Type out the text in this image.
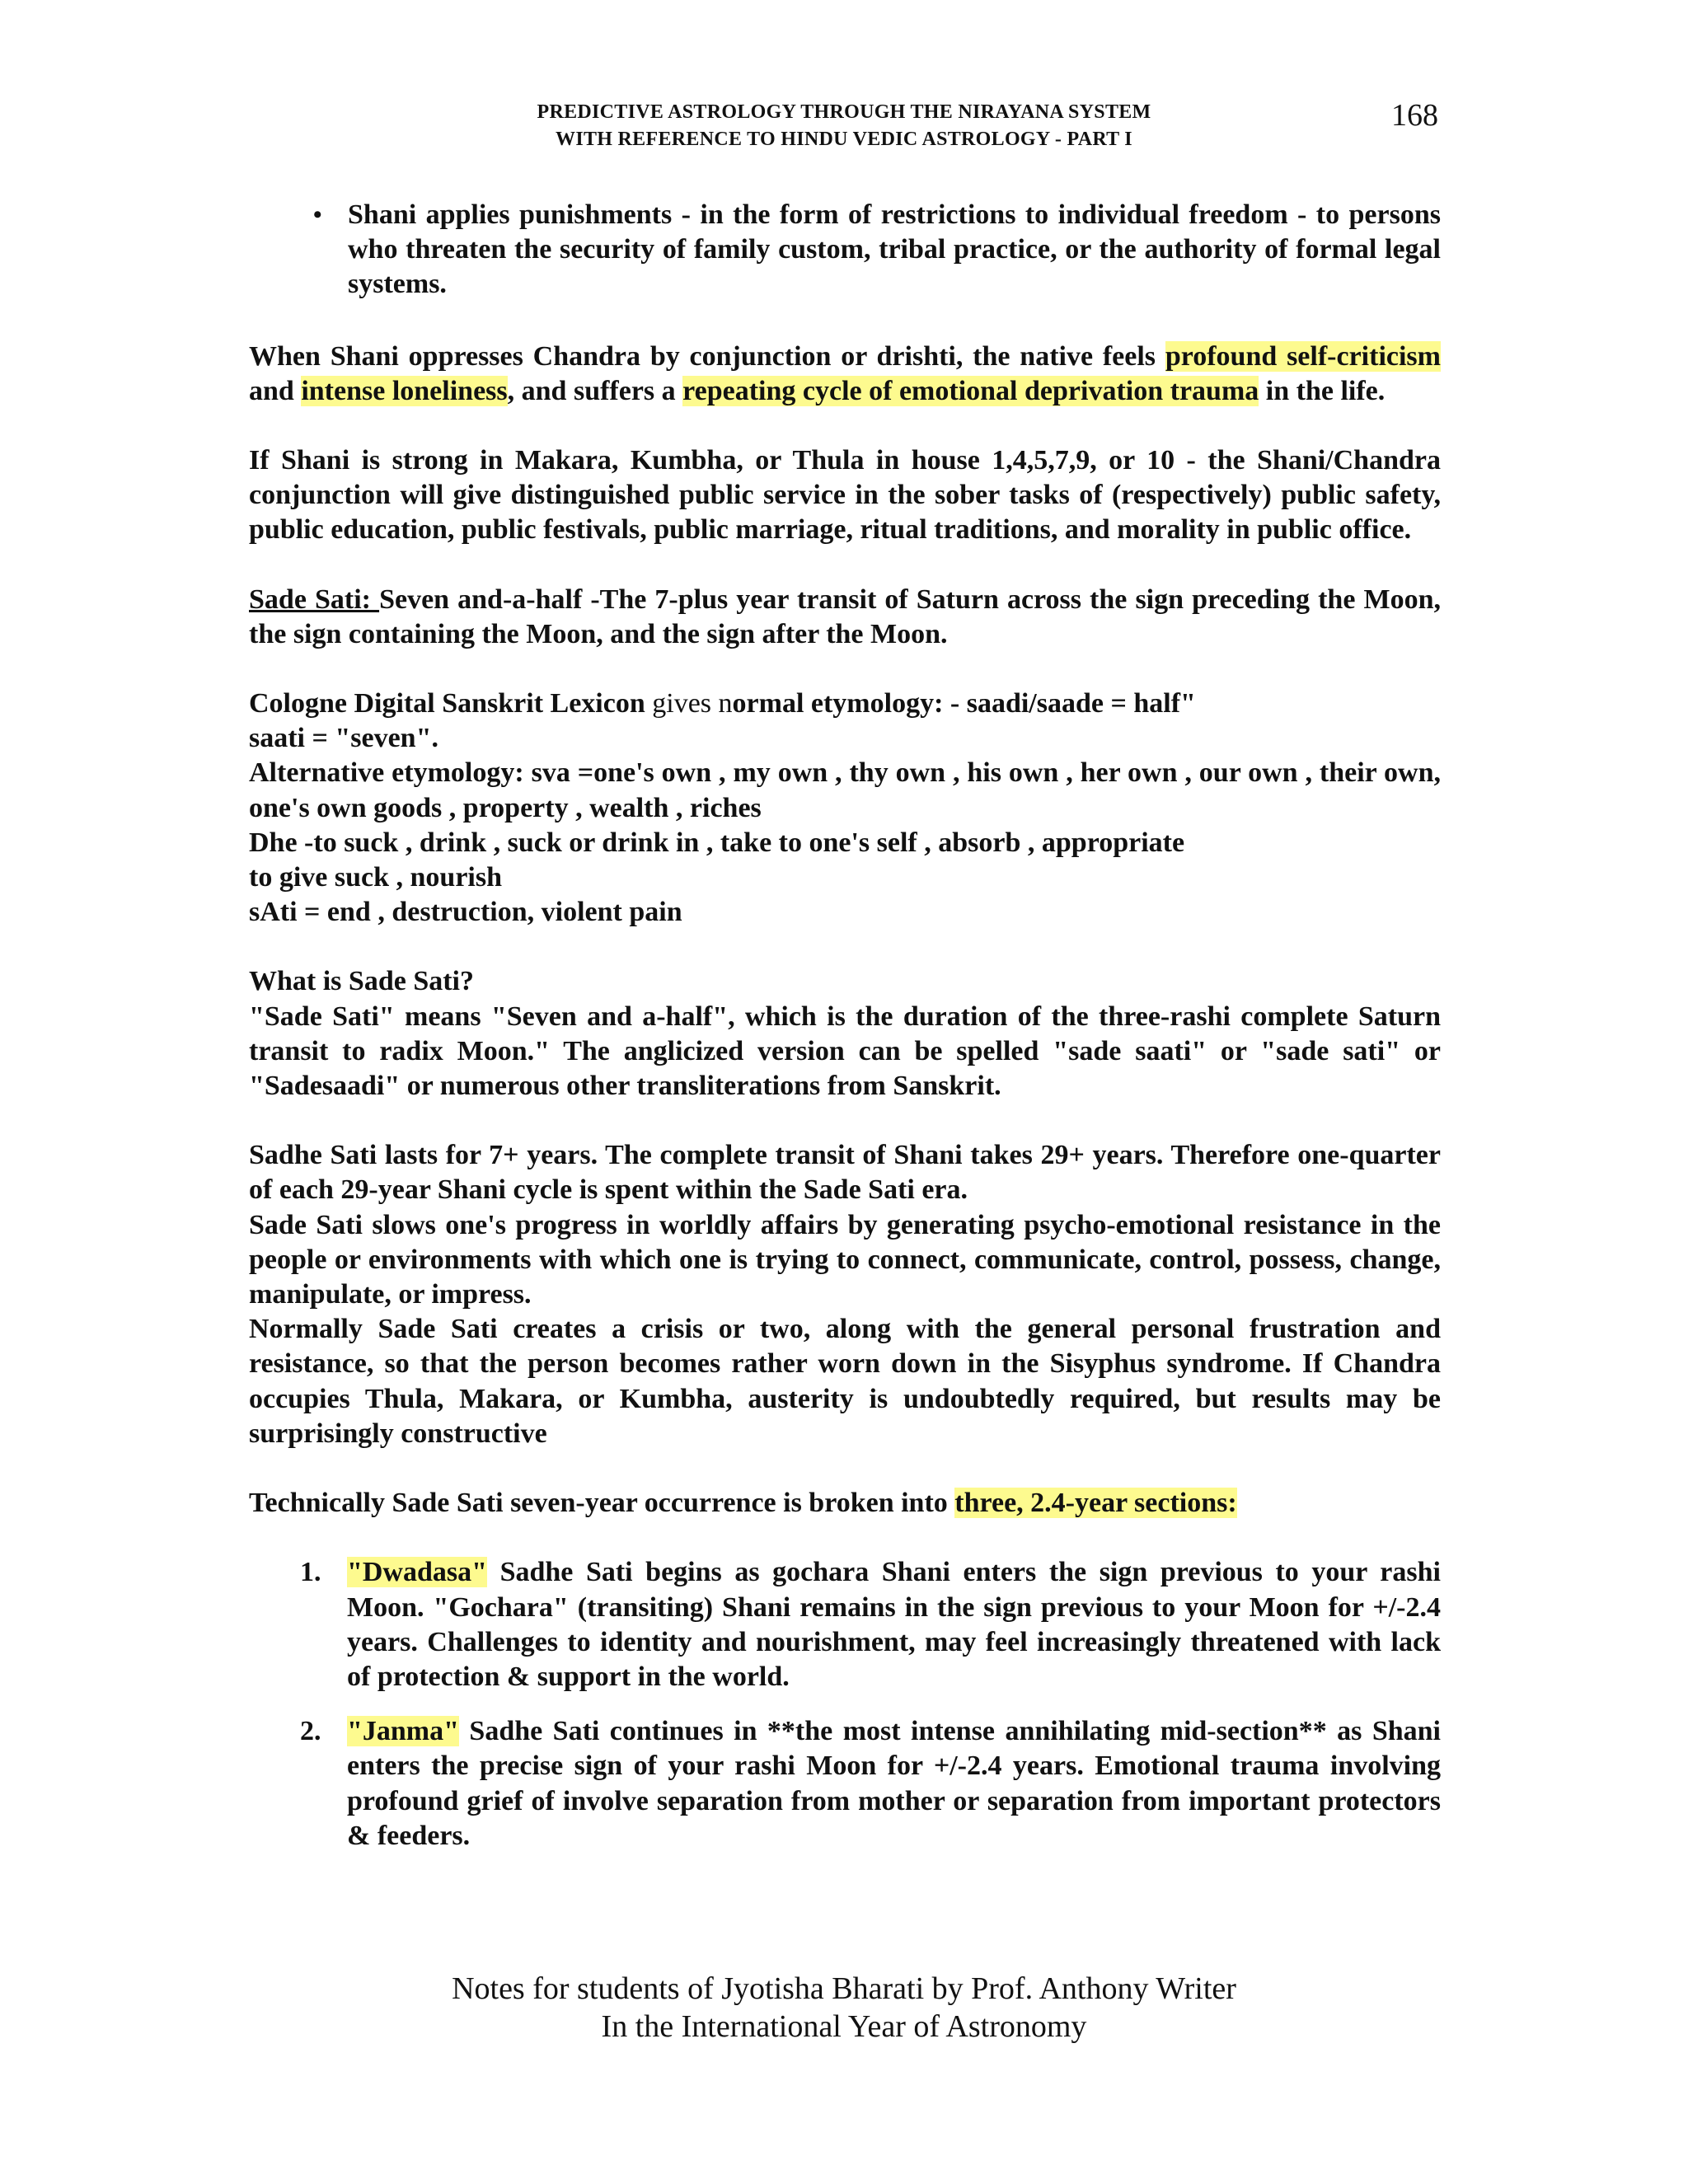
PREDICTIVE ASTROLOGY THROUGH THE NIRAYANA SYSTEM
WITH REFERENCE TO HINDU VEDIC ASTROLOGY - PART I
168
• Shani applies punishments - in the form of restrictions to individual freedom - to persons who threaten the security of family custom, tribal practice, or the authority of formal legal systems.

When Shani oppresses Chandra by conjunction or drishti, the native feels profound self-criticism and intense loneliness, and suffers a repeating cycle of emotional deprivation trauma in the life.

If Shani is strong in Makara, Kumbha, or Thula in house 1,4,5,7,9, or 10 - the Shani/Chandra conjunction will give distinguished public service in the sober tasks of (respectively) public safety, public education, public festivals, public marriage, ritual traditions, and morality in public office.

Sade Sati: Seven and-a-half -The 7-plus year transit of Saturn across the sign preceding the Moon, the sign containing the Moon, and the sign after the Moon.

Cologne Digital Sanskrit Lexicon gives normal etymology: - saadi/saade = half"
saati = "seven".
Alternative etymology: sva =one's own , my own , thy own , his own , her own , our own , their own, one's own goods , property , wealth , riches
Dhe -to suck , drink , suck or drink in , take to one's self , absorb , appropriate
to give suck , nourish
sAti = end , destruction, violent pain
What is Sade Sati?
"Sade Sati" means "Seven and a-half", which is the duration of the three-rashi complete Saturn transit to radix Moon." The anglicized version can be spelled "sade saati" or "sade sati" or "Sadesaadi" or numerous other transliterations from Sanskrit.
Sadhe Sati lasts for 7+ years. The complete transit of Shani takes 29+ years. Therefore one-quarter of each 29-year Shani cycle is spent within the Sade Sati era.
Sade Sati slows one's progress in worldly affairs by generating psycho-emotional resistance in the people or environments with which one is trying to connect, communicate, control, possess, change, manipulate, or impress.
Normally Sade Sati creates a crisis or two, along with the general personal frustration and resistance, so that the person becomes rather worn down in the Sisyphus syndrome. If Chandra occupies Thula, Makara, or Kumbha, austerity is undoubtedly required, but results may be surprisingly constructive

Technically Sade Sati seven-year occurrence is broken into three, 2.4-year sections:

1. "Dwadasa" Sadhe Sati begins as gochara Shani enters the sign previous to your rashi Moon. "Gochara" (transiting) Shani remains in the sign previous to your Moon for +/-2.4 years. Challenges to identity and nourishment, may feel increasingly threatened with lack of protection & support in the world.
2. "Janma" Sadhe Sati continues in **the most intense annihilating mid-section** as Shani enters the precise sign of your rashi Moon for +/-2.4 years. Emotional trauma involving profound grief of involve separation from mother or separation from important protectors & feeders.
Notes for students of Jyotisha Bharati by Prof. Anthony Writer
In the International Year of Astronomy
